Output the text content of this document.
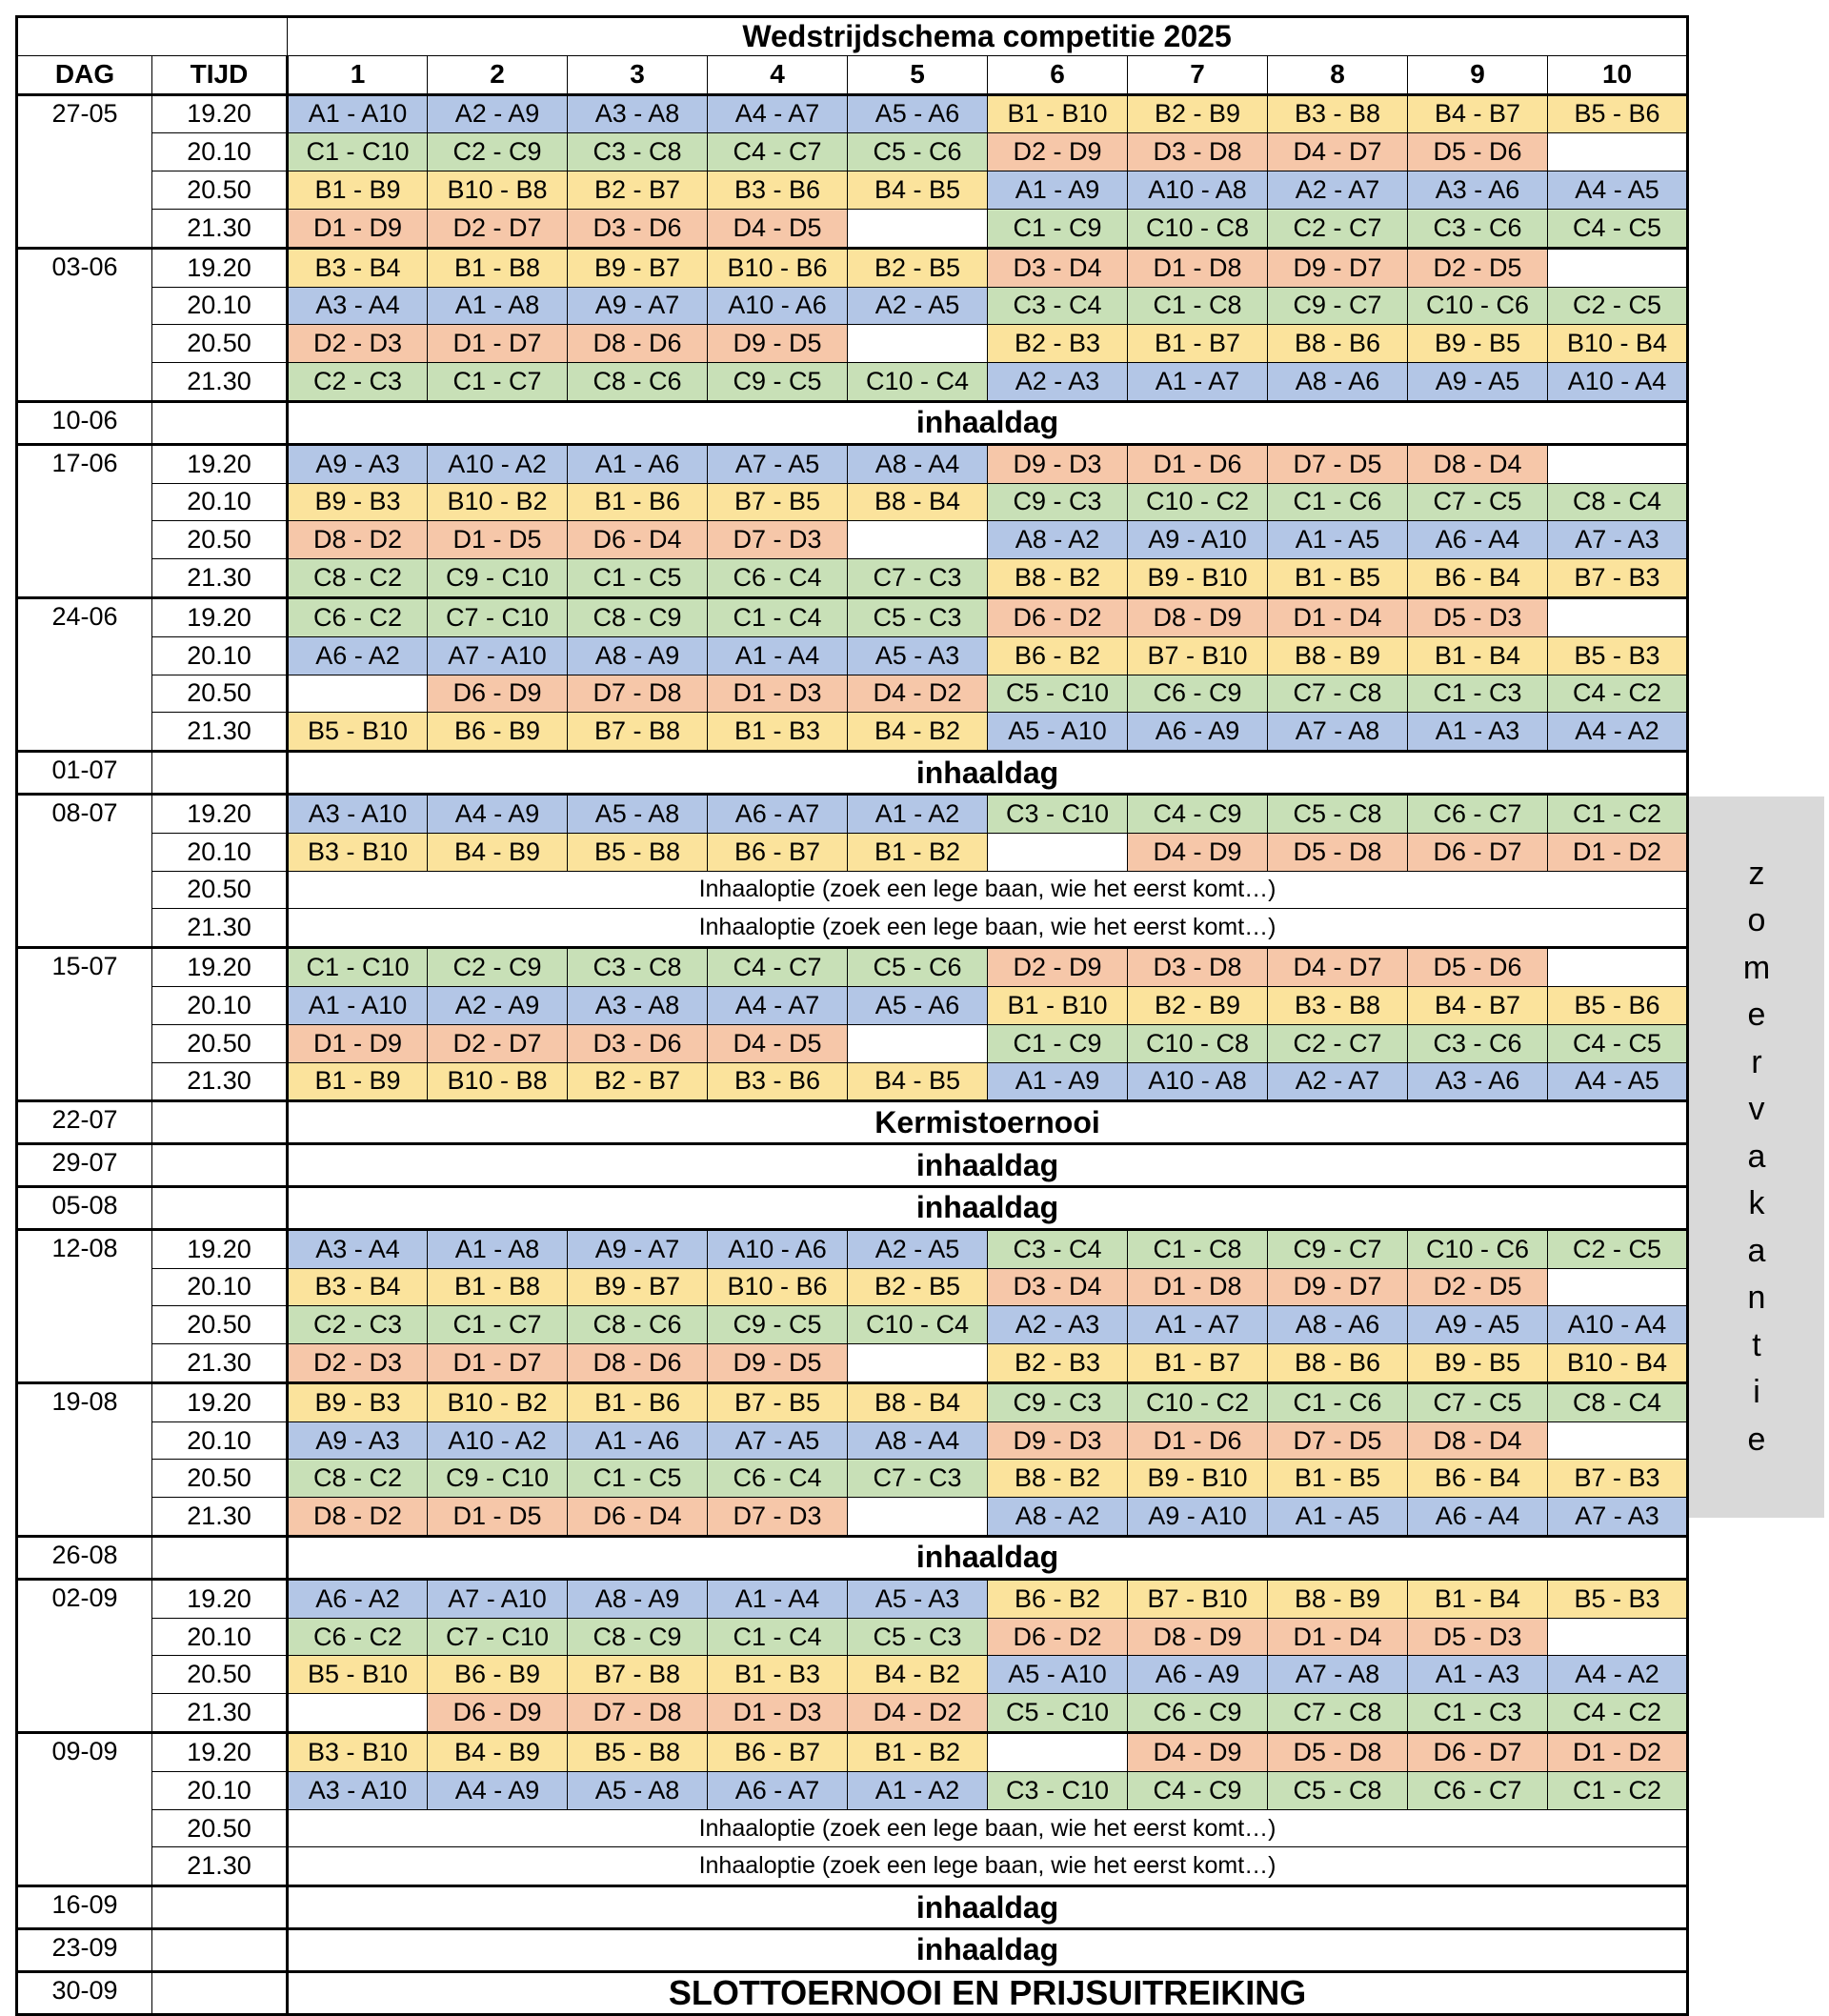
		Wedstrijdschema competitie 2025									
DAG	TIJD	1	2	3	4	5	6	7	8	9	10
27-05	19.20	A1 - A10	A2 - A9	A3 - A8	A4 - A7	A5 - A6	B1 - B10	B2 - B9	B3 - B8	B4 - B7	B5 - B6
	20.10	C1 - C10	C2 - C9	C3 - C8	C4 - C7	C5 - C6	D2 - D9	D3 - D8	D4 - D7	D5 - D6	
	20.50	B1 - B9	B10 - B8	B2 - B7	B3 - B6	B4 - B5	A1 - A9	A10 - A8	A2 - A7	A3 - A6	A4 - A5
	21.30	D1 - D9	D2 - D7	D3 - D6	D4 - D5		C1 - C9	C10 - C8	C2 - C7	C3 - C6	C4 - C5
03-06	19.20	B3 - B4	B1 - B8	B9 - B7	B10 - B6	B2 - B5	D3 - D4	D1 - D8	D9 - D7	D2 - D5	
	20.10	A3 - A4	A1 - A8	A9 - A7	A10 - A6	A2 - A5	C3 - C4	C1 - C8	C9 - C7	C10 - C6	C2 - C5
	20.50	D2 - D3	D1 - D7	D8 - D6	D9 - D5		B2 - B3	B1 - B7	B8 - B6	B9 - B5	B10 - B4
	21.30	C2 - C3	C1 - C7	C8 - C6	C9 - C5	C10 - C4	A2 - A3	A1 - A7	A8 - A6	A9 - A5	A10 - A4
10-06		inhaaldag									
17-06	19.20	A9 - A3	A10 - A2	A1 - A6	A7 - A5	A8 - A4	D9 - D3	D1 - D6	D7 - D5	D8 - D4	
	20.10	B9 - B3	B10 - B2	B1 - B6	B7 - B5	B8 - B4	C9 - C3	C10 - C2	C1 - C6	C7 - C5	C8 - C4
	20.50	D8 - D2	D1 - D5	D6 - D4	D7 - D3		A8 - A2	A9 - A10	A1 - A5	A6 - A4	A7 - A3
	21.30	C8 - C2	C9 - C10	C1 - C5	C6 - C4	C7 - C3	B8 - B2	B9 - B10	B1 - B5	B6 - B4	B7 - B3
24-06	19.20	C6 - C2	C7 - C10	C8 - C9	C1 - C4	C5 - C3	D6 - D2	D8 - D9	D1 - D4	D5 - D3	
	20.10	A6 - A2	A7 - A10	A8 - A9	A1 - A4	A5 - A3	B6 - B2	B7 - B10	B8 - B9	B1 - B4	B5 - B3
	20.50		D6 - D9	D7 - D8	D1 - D3	D4 - D2	C5 - C10	C6 - C9	C7 - C8	C1 - C3	C4 - C2
	21.30	B5 - B10	B6 - B9	B7 - B8	B1 - B3	B4 - B2	A5 - A10	A6 - A9	A7 - A8	A1 - A3	A4 - A2
01-07		inhaaldag									
08-07	19.20	A3 - A10	A4 - A9	A5 - A8	A6 - A7	A1 - A2	C3 - C10	C4 - C9	C5 - C8	C6 - C7	C1 - C2
	20.10	B3 - B10	B4 - B9	B5 - B8	B6 - B7	B1 - B2		D4 - D9	D5 - D8	D6 - D7	D1 - D2
	20.50	Inhaaloptie (zoek een lege baan, wie het eerst komt…)									
	21.30	Inhaaloptie (zoek een lege baan, wie het eerst komt…)									
15-07	19.20	C1 - C10	C2 - C9	C3 - C8	C4 - C7	C5 - C6	D2 - D9	D3 - D8	D4 - D7	D5 - D6	
	20.10	A1 - A10	A2 - A9	A3 - A8	A4 - A7	A5 - A6	B1 - B10	B2 - B9	B3 - B8	B4 - B7	B5 - B6
	20.50	D1 - D9	D2 - D7	D3 - D6	D4 - D5		C1 - C9	C10 - C8	C2 - C7	C3 - C6	C4 - C5
	21.30	B1 - B9	B10 - B8	B2 - B7	B3 - B6	B4 - B5	A1 - A9	A10 - A8	A2 - A7	A3 - A6	A4 - A5
22-07		Kermistoernooi									
29-07		inhaaldag									
05-08		inhaaldag									
12-08	19.20	A3 - A4	A1 - A8	A9 - A7	A10 - A6	A2 - A5	C3 - C4	C1 - C8	C9 - C7	C10 - C6	C2 - C5
	20.10	B3 - B4	B1 - B8	B9 - B7	B10 - B6	B2 - B5	D3 - D4	D1 - D8	D9 - D7	D2 - D5	
	20.50	C2 - C3	C1 - C7	C8 - C6	C9 - C5	C10 - C4	A2 - A3	A1 - A7	A8 - A6	A9 - A5	A10 - A4
	21.30	D2 - D3	D1 - D7	D8 - D6	D9 - D5		B2 - B3	B1 - B7	B8 - B6	B9 - B5	B10 - B4
19-08	19.20	B9 - B3	B10 - B2	B1 - B6	B7 - B5	B8 - B4	C9 - C3	C10 - C2	C1 - C6	C7 - C5	C8 - C4
	20.10	A9 - A3	A10 - A2	A1 - A6	A7 - A5	A8 - A4	D9 - D3	D1 - D6	D7 - D5	D8 - D4	
	20.50	C8 - C2	C9 - C10	C1 - C5	C6 - C4	C7 - C3	B8 - B2	B9 - B10	B1 - B5	B6 - B4	B7 - B3
	21.30	D8 - D2	D1 - D5	D6 - D4	D7 - D3		A8 - A2	A9 - A10	A1 - A5	A6 - A4	A7 - A3
26-08		inhaaldag									
02-09	19.20	A6 - A2	A7 - A10	A8 - A9	A1 - A4	A5 - A3	B6 - B2	B7 - B10	B8 - B9	B1 - B4	B5 - B3
	20.10	C6 - C2	C7 - C10	C8 - C9	C1 - C4	C5 - C3	D6 - D2	D8 - D9	D1 - D4	D5 - D3	
	20.50	B5 - B10	B6 - B9	B7 - B8	B1 - B3	B4 - B2	A5 - A10	A6 - A9	A7 - A8	A1 - A3	A4 - A2
	21.30		D6 - D9	D7 - D8	D1 - D3	D4 - D2	C5 - C10	C6 - C9	C7 - C8	C1 - C3	C4 - C2
09-09	19.20	B3 - B10	B4 - B9	B5 - B8	B6 - B7	B1 - B2		D4 - D9	D5 - D8	D6 - D7	D1 - D2
	20.10	A3 - A10	A4 - A9	A5 - A8	A6 - A7	A1 - A2	C3 - C10	C4 - C9	C5 - C8	C6 - C7	C1 - C2
	20.50	Inhaaloptie (zoek een lege baan, wie het eerst komt…)									
	21.30	Inhaaloptie (zoek een lege baan, wie het eerst komt…)									
16-09		inhaaldag									
23-09		inhaaldag									
30-09		SLOTTOERNOOI EN PRIJSUITREIKING									
z
o
m
e
r
v
a
k
a
n
t
i
e
